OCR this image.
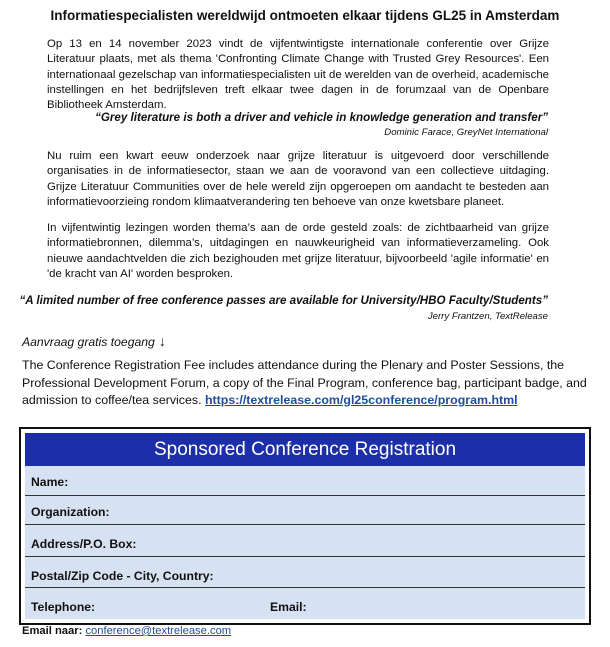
Informatiespecialisten wereldwijd ontmoeten elkaar tijdens GL25 in Amsterdam

Op 13 en 14 november 2023 vindt de vijfentwintigste internationale conferentie over Grijze Literatuur plaats, met als thema 'Confronting Climate Change with Trusted Grey Resources'. Een internationaal gezelschap van informatiespecialisten uit de werelden van de overheid, academische instellingen en het bedrijfsleven treft elkaar twee dagen in de forumzaal van de Openbare Bibliotheek Amsterdam.

“Grey literature is both a driver and vehicle in knowledge generation and transfer”
Dominic Farace, GreyNet International

Nu ruim een kwart eeuw onderzoek naar grijze literatuur is uitgevoerd door verschillende organisaties in de informatiesector, staan we aan de vooravond van een collectieve uitdaging. Grijze Literatuur Communities over de hele wereld zijn opgeroepen om aandacht te besteden aan informatievoorzieing rondom klimaatverandering ten behoeve van onze kwetsbare planeet.

In vijfentwintig lezingen worden thema’s aan de orde gesteld zoals: de zichtbaarheid van grijze informatiebronnen, dilemma’s, uitdagingen en nauwkeurigheid van informatieverzameling. Ook nieuwe aandachtvelden die zich bezighouden met grijze literatuur, bijvoorbeeld 'agile informatie' en 'de kracht van AI' worden besproken.

“A limited number of free conference passes are available for University/HBO Faculty/Students”
Jerry Frantzen, TextRelease
Aanvraag gratis toegang ↓

The Conference Registration Fee includes attendance during the Plenary and Poster Sessions, the Professional Development Forum, a copy of the Final Program, conference bag, participant badge, and admission to coffee/tea services. https://textrelease.com/gl25conference/program.html

Sponsored Conference Registration
Name:
Organization:
Address/P.O. Box:
Postal/Zip Code - City, Country:
Telephone:	Email:
Email naar: conference@textrelease.com
